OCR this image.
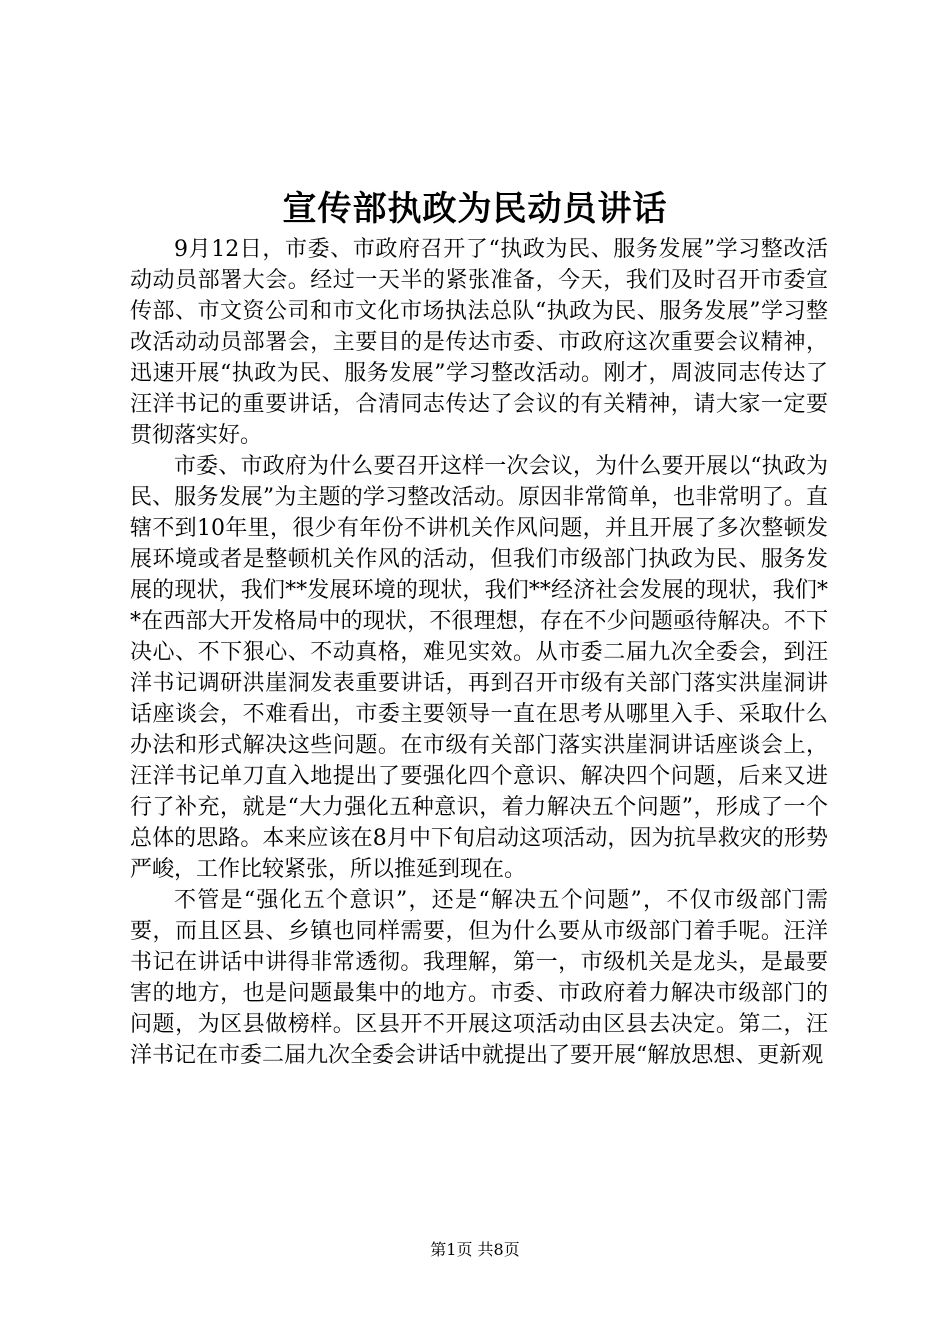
宣传部执政为民动员讲话

9月12日，市委、市政府召开了“执政为民、服务发展”学习整改活动动员部署大会。经过一天半的紧张准备，今天，我们及时召开市委宣传部、市文资公司和市文化市场执法总队“执政为民、服务发展”学习整改活动动员部署会，主要目的是传达市委、市政府这次重要会议精神，迅速开展“执政为民、服务发展”学习整改活动。刚才，周波同志传达了汪洋书记的重要讲话，合清同志传达了会议的有关精神，请大家一定要贯彻落实好。

市委、市政府为什么要召开这样一次会议，为什么要开展以“执政为民、服务发展”为主题的学习整改活动。原因非常简单，也非常明了。直辖不到10年里，很少有年份不讲机关作风问题，并且开展了多次整顿发展环境或者是整顿机关作风的活动，但我们市级部门执政为民、服务发展的现状，我们**发展环境的现状，我们**经济社会发展的现状，我们**在西部大开发格局中的现状，不很理想，存在不少问题亟待解决。不下决心、不下狠心、不动真格，难见实效。从市委二届九次全委会，到汪洋书记调研洪崖洞发表重要讲话，再到召开市级有关部门落实洪崖洞讲话座谈会，不难看出，市委主要领导一直在思考从哪里入手、采取什么办法和形式解决这些问题。在市级有关部门落实洪崖洞讲话座谈会上，汪洋书记单刀直入地提出了要强化四个意识、解决四个问题，后来又进行了补充，就是“大力强化五种意识，着力解决五个问题”，形成了一个总体的思路。本来应该在8月中下旬启动这项活动，因为抗旱救灾的形势严峻，工作比较紧张，所以推延到现在。

不管是“强化五个意识”，还是“解决五个问题”，不仅市级部门需要，而且区县、乡镇也同样需要，但为什么要从市级部门着手呢。汪洋书记在讲话中讲得非常透彻。我理解，第一，市级机关是龙头，是最要害的地方，也是问题最集中的地方。市委、市政府着力解决市级部门的问题，为区县做榜样。区县开不开展这项活动由区县去决定。第二，汪洋书记在市委二届九次全委会讲话中就提出了要开展“解放思想、更新观

第1页 共8页
